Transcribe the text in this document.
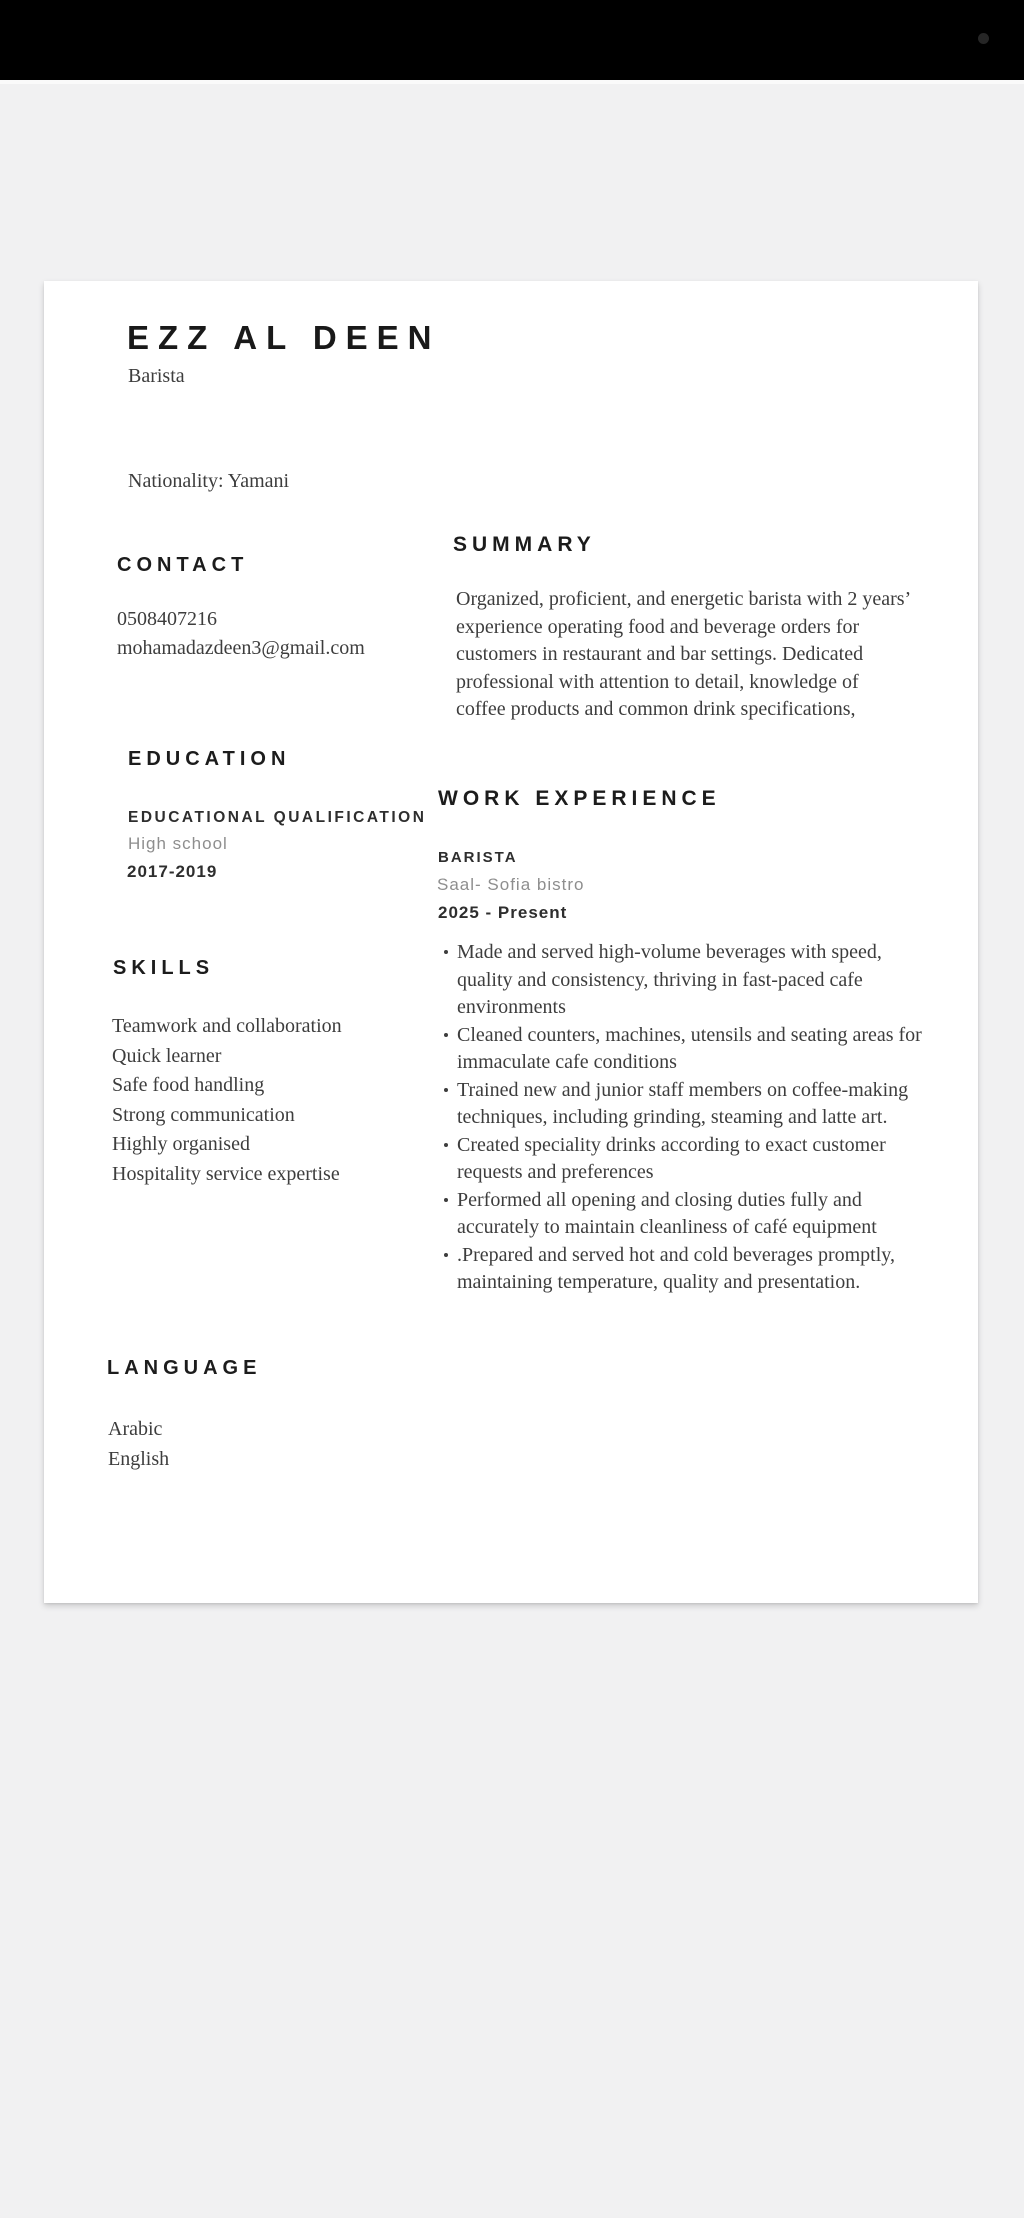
EZZ AL DEEN
Barista
Nationality: Yamani
CONTACT
0508407216
mohamadazdeen3@gmail.com
SUMMARY
Organized, proficient, and energetic barista with 2 years’ experience operating food and beverage orders for customers in restaurant and bar settings. Dedicated professional with attention to detail, knowledge of coffee products and common drink specifications,
EDUCATION
EDUCATIONAL QUALIFICATION
High school
2017-2019
SKILLS
Teamwork and collaboration
Quick learner
Safe food handling
Strong communication
Highly organised
Hospitality service expertise
WORK EXPERIENCE
BARISTA
Saal- Sofia bistro
2025 - Present
Made and served high-volume beverages with speed, quality and consistency, thriving in fast-paced cafe environments
Cleaned counters, machines, utensils and seating areas for immaculate cafe conditions
Trained new and junior staff members on coffee-making techniques, including grinding, steaming and latte art.
Created speciality drinks according to exact customer requests and preferences
Performed all opening and closing duties fully and accurately to maintain cleanliness of café equipment
.Prepared and served hot and cold beverages promptly, maintaining temperature, quality and presentation.
LANGUAGE
Arabic
English
